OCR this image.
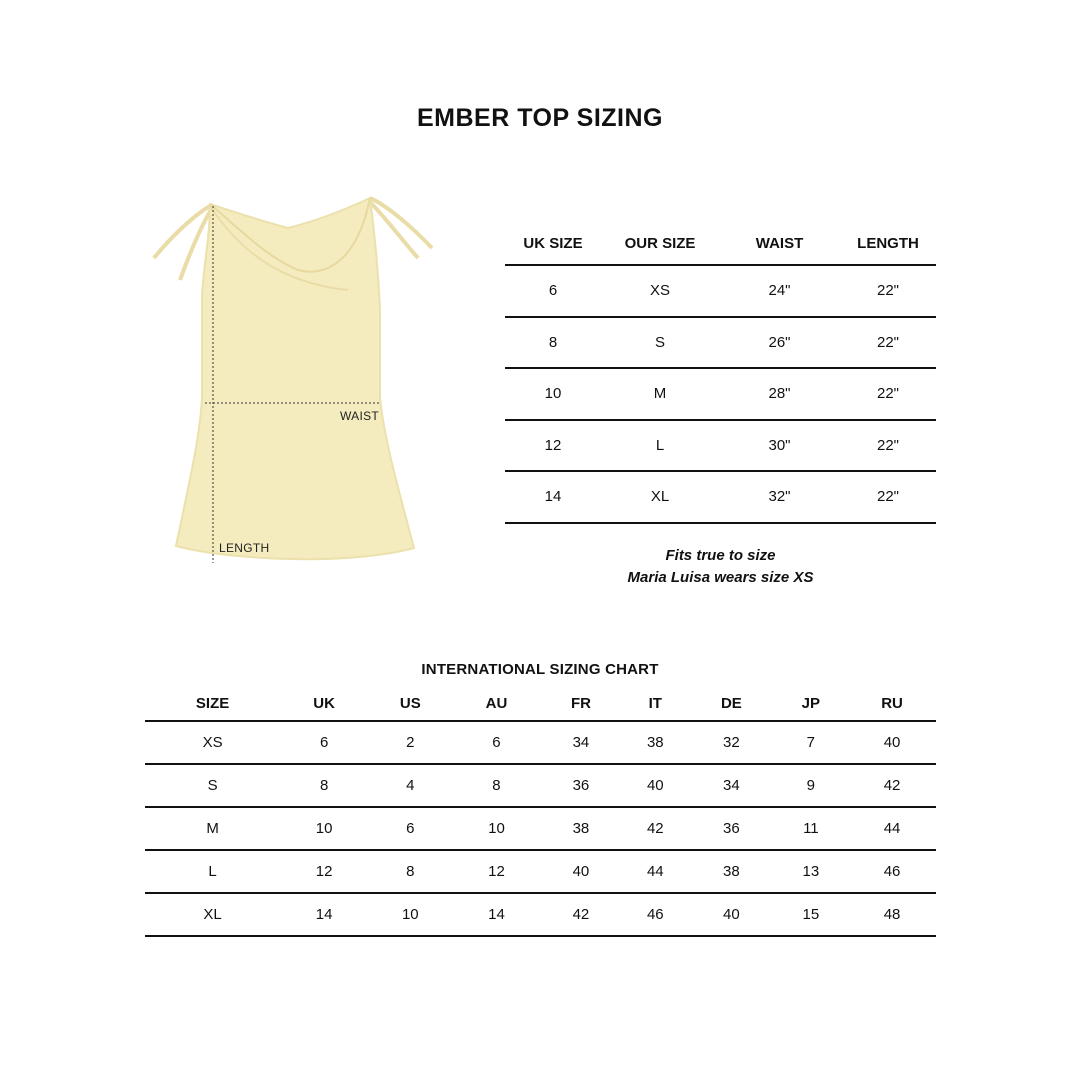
EMBER TOP SIZING
WAIST
LENGTH
UK SIZE	OUR SIZE	WAIST	LENGTH
6	XS	24"	22"
8	S	26"	22"
10	M	28"	22"
12	L	30"	22"
14	XL	32"	22"
Fits true to size
Maria Luisa wears size XS
INTERNATIONAL SIZING CHART
SIZE	UK	US	AU	FR	IT	DE	JP	RU
XS	6	2	6	34	38	32	7	40
S	8	4	8	36	40	34	9	42
M	10	6	10	38	42	36	11	44
L	12	8	12	40	44	38	13	46
XL	14	10	14	42	46	40	15	48
